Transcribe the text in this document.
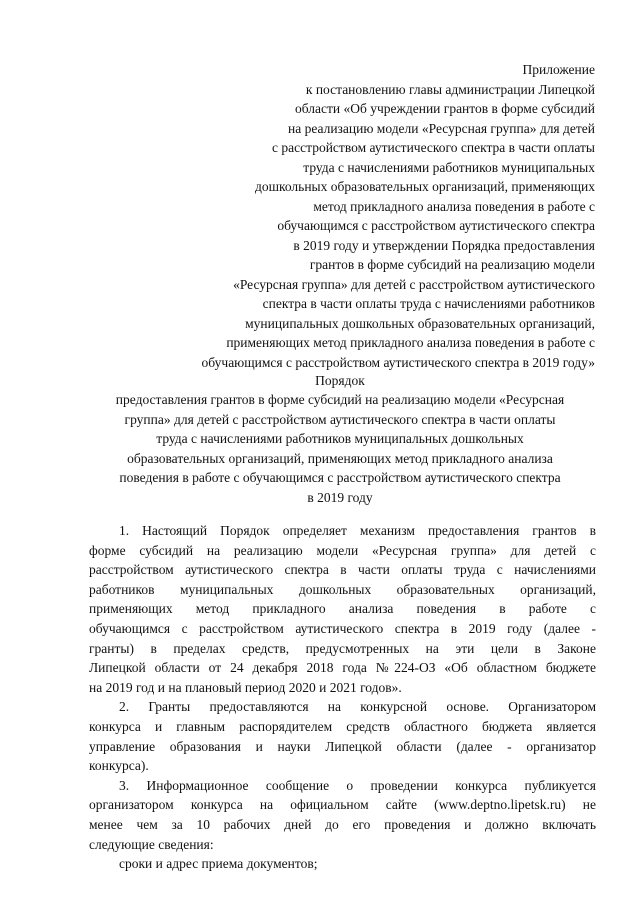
Приложение
к постановлению главы администрации Липецкой
области «Об учреждении грантов в форме субсидий
на реализацию модели «Ресурсная группа» для детей
с расстройством аутистического спектра в части оплаты
труда с начислениями работников муниципальных
дошкольных образовательных организаций, применяющих
метод прикладного анализа поведения в работе с
обучающимся с расстройством аутистического спектра
в 2019 году и утверждении Порядка предоставления
грантов в форме субсидий на реализацию модели
«Ресурсная группа» для детей с расстройством аутистического
спектра в части оплаты труда с начислениями работников
муниципальных дошкольных образовательных организаций,
применяющих метод прикладного анализа поведения в работе с
обучающимся с расстройством аутистического спектра в 2019 году»
Порядок
предоставления грантов в форме субсидий на реализацию модели «Ресурсная
группа» для детей с расстройством аутистического спектра в части оплаты
труда с начислениями работников муниципальных дошкольных
образовательных организаций, применяющих метод прикладного анализа
поведения в работе с обучающимся с расстройством аутистического спектра
в 2019 году
1. Настоящий Порядок определяет механизм предоставления грантов в
форме субсидий на реализацию модели «Ресурсная группа» для детей с
расстройством аутистического спектра в части оплаты труда с начислениями
работников муниципальных дошкольных образовательных организаций,
применяющих метод прикладного анализа поведения в работе с
обучающимся с расстройством аутистического спектра в 2019 году (далее -
гранты) в пределах средств, предусмотренных на эти цели в Законе
Липецкой области от 24 декабря 2018 года №224-ОЗ «Об областном бюджете
на 2019 год и на плановый период 2020 и 2021 годов».
2. Гранты предоставляются на конкурсной основе. Организатором
конкурса и главным распорядителем средств областного бюджета является
управление образования и науки Липецкой области (далее - организатор
конкурса).
3. Информационное сообщение о проведении конкурса публикуется
организатором конкурса на официальном сайте (www.deptno.lipetsk.ru) не
менее чем за 10 рабочих дней до его проведения и должно включать
следующие сведения:
сроки и адрес приема документов;
